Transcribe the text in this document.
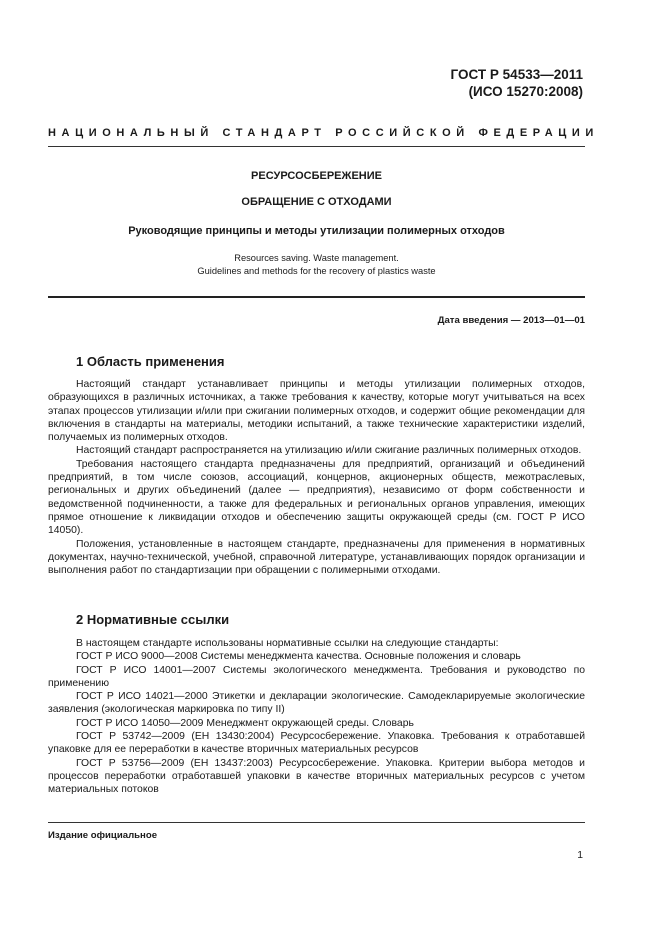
ГОСТ Р 54533—2011
(ИСО 15270:2008)
НАЦИОНАЛЬНЫЙ СТАНДАРТ РОССИЙСКОЙ ФЕДЕРАЦИИ
РЕСУРСОСБЕРЕЖЕНИЕ
ОБРАЩЕНИЕ С ОТХОДАМИ
Руководящие принципы и методы утилизации полимерных отходов
Resources saving. Waste management.
Guidelines and methods for the recovery of plastics waste
Дата введения — 2013—01—01
1 Область применения

Настоящий стандарт устанавливает принципы и методы утилизации полимерных отходов, образующихся в различных источниках, а также требования к качеству, которые могут учитываться на всех этапах процессов утилизации и/или при сжигании полимерных отходов, и содержит общие рекомендации для включения в стандарты на материалы, методики испытаний, а также технические характеристики изделий, получаемых из полимерных отходов.

Настоящий стандарт распространяется на утилизацию и/или сжигание различных полимерных отходов.

Требования настоящего стандарта предназначены для предприятий, организаций и объединений предприятий, в том числе союзов, ассоциаций, концернов, акционерных обществ, межотраслевых, региональных и других объединений (далее — предприятия), независимо от форм собственности и ведомственной подчиненности, а также для федеральных и региональных органов управления, имеющих прямое отношение к ликвидации отходов и обеспечению защиты окружающей среды (см. ГОСТ Р ИСО 14050).

Положения, установленные в настоящем стандарте, предназначены для применения в нормативных документах, научно-технической, учебной, справочной литературе, устанавливающих порядок организации и выполнения работ по стандартизации при обращении с полимерными отходами.

2 Нормативные ссылки

В настоящем стандарте использованы нормативные ссылки на следующие стандарты:

ГОСТ Р ИСО 9000—2008 Системы менеджмента качества. Основные положения и словарь

ГОСТ Р ИСО 14001—2007 Системы экологического менеджмента. Требования и руководство по применению

ГОСТ Р ИСО 14021—2000 Этикетки и декларации экологические. Самодекларируемые экологические заявления (экологическая маркировка по типу II)

ГОСТ Р ИСО 14050—2009 Менеджмент окружающей среды. Словарь

ГОСТ Р 53742—2009 (ЕН 13430:2004) Ресурсосбережение. Упаковка. Требования к отработавшей упаковке для ее переработки в качестве вторичных материальных ресурсов

ГОСТ Р 53756—2009 (ЕН 13437:2003) Ресурсосбережение. Упаковка. Критерии выбора методов и процессов переработки отработавшей упаковки в качестве вторичных материальных ресурсов с учетом материальных потоков

Издание официальное
1
